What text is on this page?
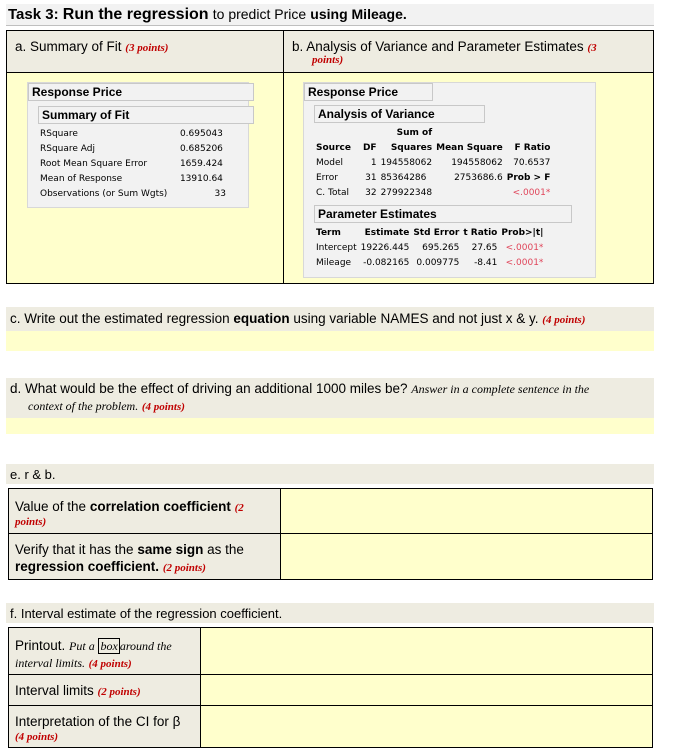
Task 3: Run the regression to predict Price using Mileage.
a. Summary of Fit (3 points)	b. Analysis of Variance and Parameter Estimates (3
points)
Response Price
Summary of Fit
RSquare	0.695043
RSquare Adj	0.685206
Root Mean Square Error	1659.424
Mean of Response	13910.64
Observations (or Sum Wgts)	33
Response Price
Analysis of Variance
		Sum of		
Source	DF	Squares	Mean Square	F Ratio
Model	1	194558062	194558062	70.6537
Error	31	85364286	2753686.6	Prob > F
C. Total	32	279922348		<.0001*
Parameter Estimates
Term	Estimate	Std Error	t Ratio	Prob>|t|
Intercept	19226.445	695.265	27.65	<.0001*
Mileage	-0.082165	0.009775	-8.41	<.0001*
c. Write out the estimated regression equation using variable NAMES and not just x & y. (4 points)
d. What would be the effect of driving an additional 1000 miles be? Answer in a complete sentence in the
context of the problem. (4 points)
e. r & b.
Value of the correlation coefficient (2
points)
Verify that it has the same sign as the
regression coefficient. (2 points)
f. Interval estimate of the regression coefficient.
Printout. Put a box around the
interval limits. (4 points)
Interval limits (2 points)
Interpretation of the CI for β
(4 points)
